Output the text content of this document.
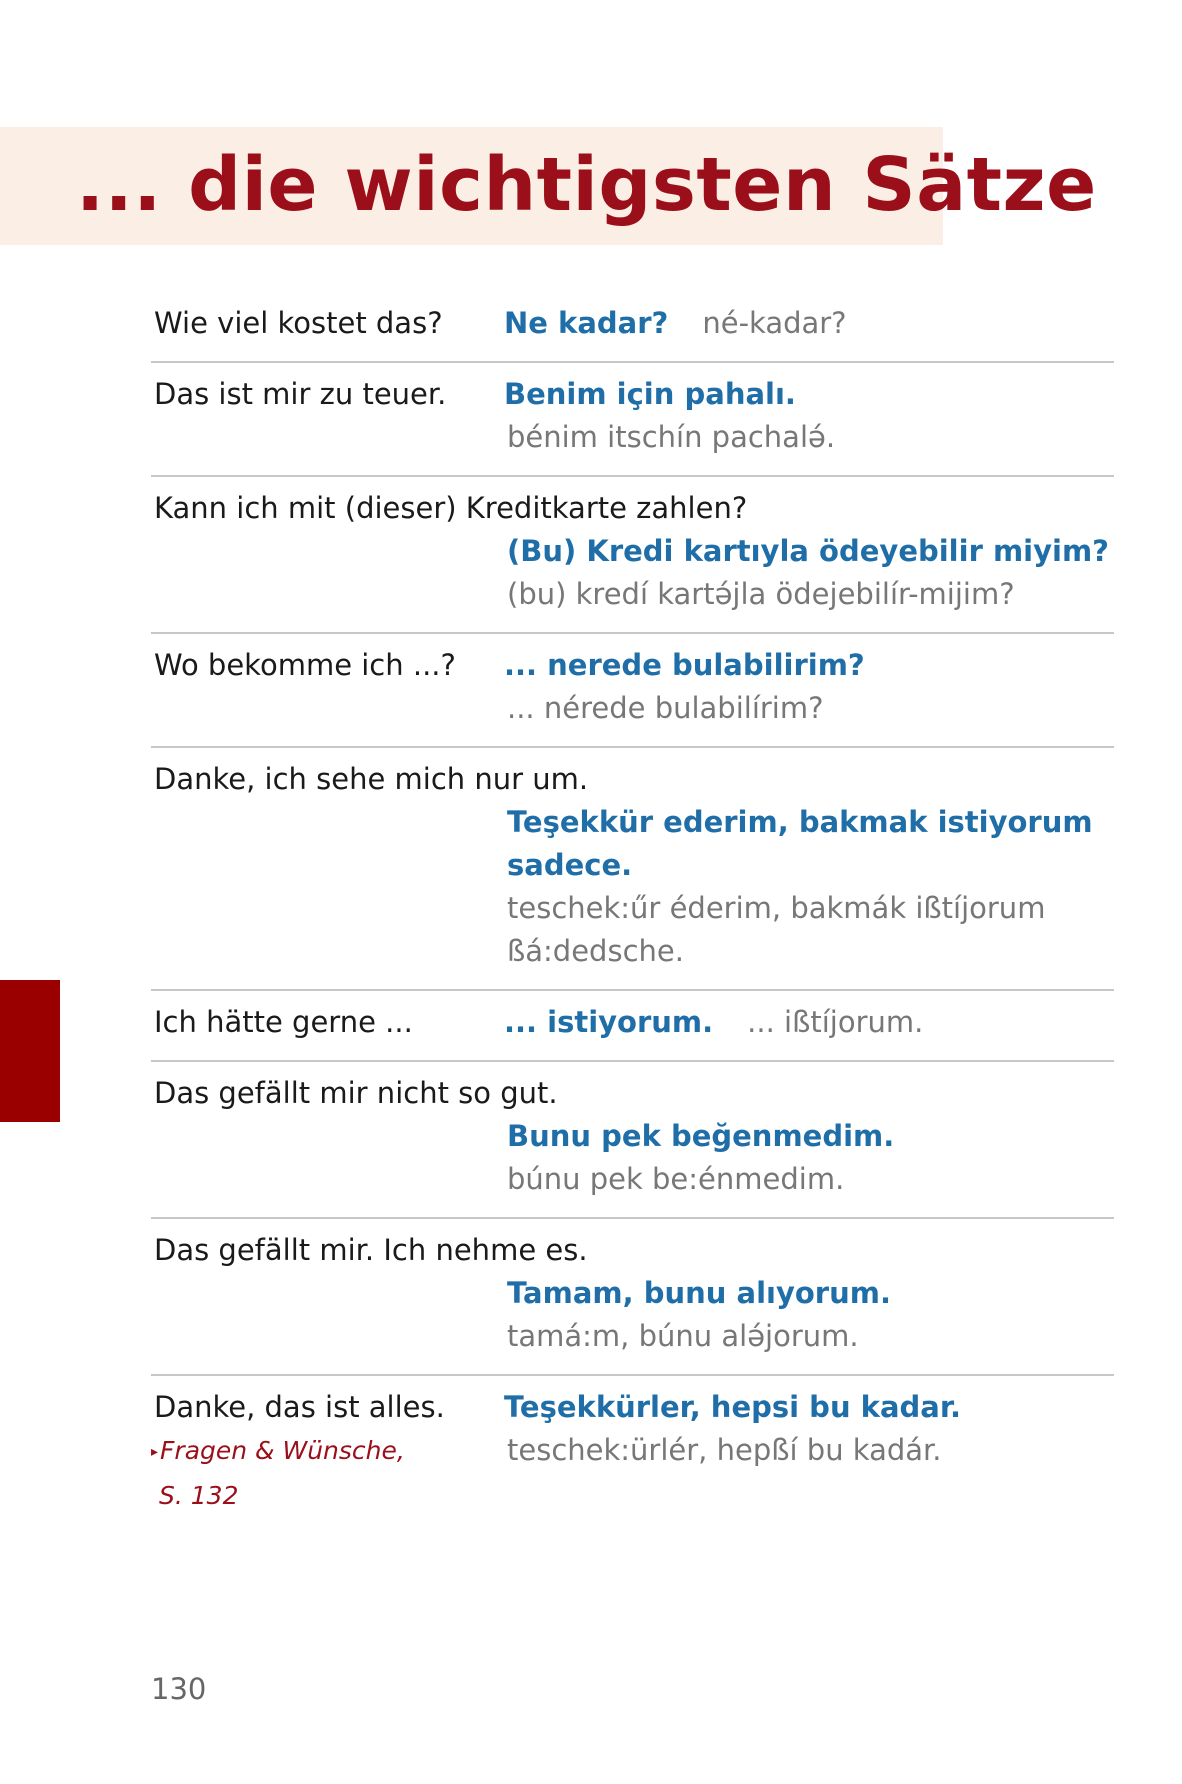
... die wichtigsten Sätze
Wie viel kostet das?	Ne kadar? né-kadar?
Das ist mir zu teuer.	Benim için pahalı.
bénim itschín pachalə́.
Kann ich mit (dieser) Kreditkarte zahlen?
(Bu) Kredi kartıyla ödeyebilir miyim?
(bu) kredí kartə́jla ödejebilír-mijim?
Wo bekomme ich ...?	... nerede bulabilirim?
... nérede bulabilírim?
Danke, ich sehe mich nur um.
Teşekkür ederim, bakmak istiyorum
sadece.
teschek:űr éderim, bakmák ißtíjorum
ßá:dedsche.
Ich hätte gerne ...	... istiyorum. ... ißtíjorum.
Das gefällt mir nicht so gut.
Bunu pek beğenmedim.
búnu pek be:énmedim.
Das gefällt mir. Ich nehme es.
Tamam, bunu alıyorum.
tamá:m, búnu alə́jorum.
Danke, das ist alles.	Teşekkürler, hepsi bu kadar.
teschek:ürlér, hepßí bu kadár.
▸Fragen & Wünsche,
S. 132
130
